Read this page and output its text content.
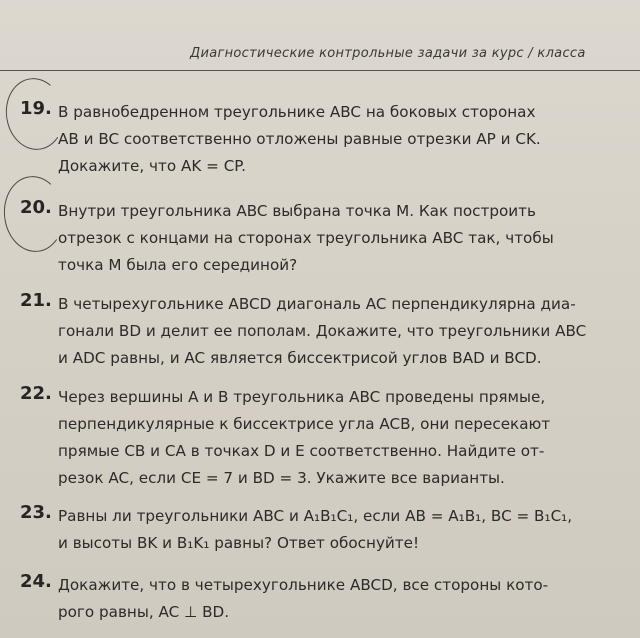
Диагностические контрольные задачи за курс / класса
19. В равнобедренном треугольнике ABC на боковых сторонах
AB и BC соответственно отложены равные отрезки AP и CK.
Докажите, что AK = CP.
20. Внутри треугольника ABC выбрана точка M. Как построить
отрезок с концами на сторонах треугольника ABC так, чтобы
точка M была его серединой?
21. В четырехугольнике ABCD диагональ AC перпендикулярна диа-
гонали BD и делит ее пополам. Докажите, что треугольники ABC
и ADC равны, и AC является биссектрисой углов BAD и BCD.
22. Через вершины A и B треугольника ABC проведены прямые,
перпендикулярные к биссектрисе угла ACB, они пересекают
прямые CB и CA в точках D и E соответственно. Найдите от-
резок AC, если CE = 7 и BD = 3. Укажите все варианты.
23. Равны ли треугольники ABC и A₁B₁C₁, если AB = A₁B₁, BC = B₁C₁,
и высоты BK и B₁K₁ равны? Ответ обоснуйте!
24. Докажите, что в четырехугольнике ABCD, все стороны кото-
рого равны, AC ⊥ BD.
